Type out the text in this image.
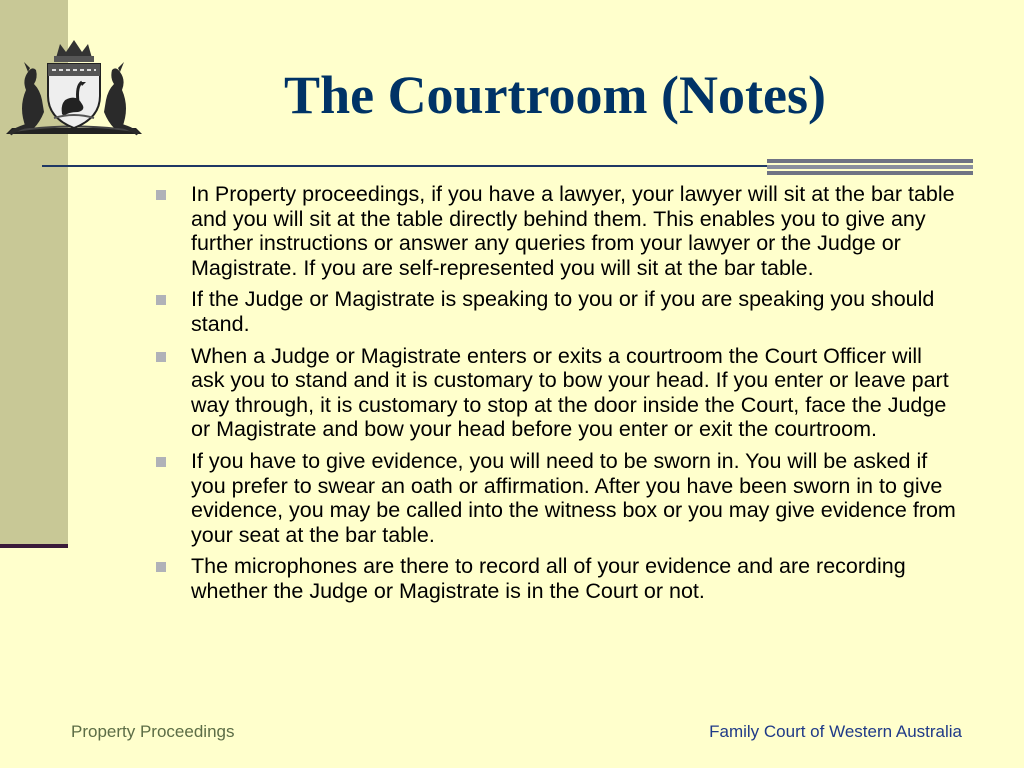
The Courtroom (Notes)
In Property proceedings, if you have a lawyer, your lawyer will sit at the bar table and you will sit at the table directly behind them. This enables you to give any further instructions or answer any queries from your lawyer or the Judge or Magistrate. If you are self-represented you will sit at the bar table.
If the Judge or Magistrate is speaking to you or if you are speaking you should stand.
When a Judge or Magistrate enters or exits a courtroom the Court Officer will ask you to stand and it is customary to bow your head. If you enter or leave part way through, it is customary to stop at the door inside the Court, face the Judge or Magistrate and bow your head before you enter or exit the courtroom.
If you have to give evidence, you will need to be sworn in. You will be asked if you prefer to swear an oath or affirmation. After you have been sworn in to give evidence, you may be called into the witness box or you may give evidence from your seat at the bar table.
The microphones are there to record all of your evidence and are recording whether the Judge or Magistrate is in the Court or not.
Property Proceedings	Family Court of Western Australia
